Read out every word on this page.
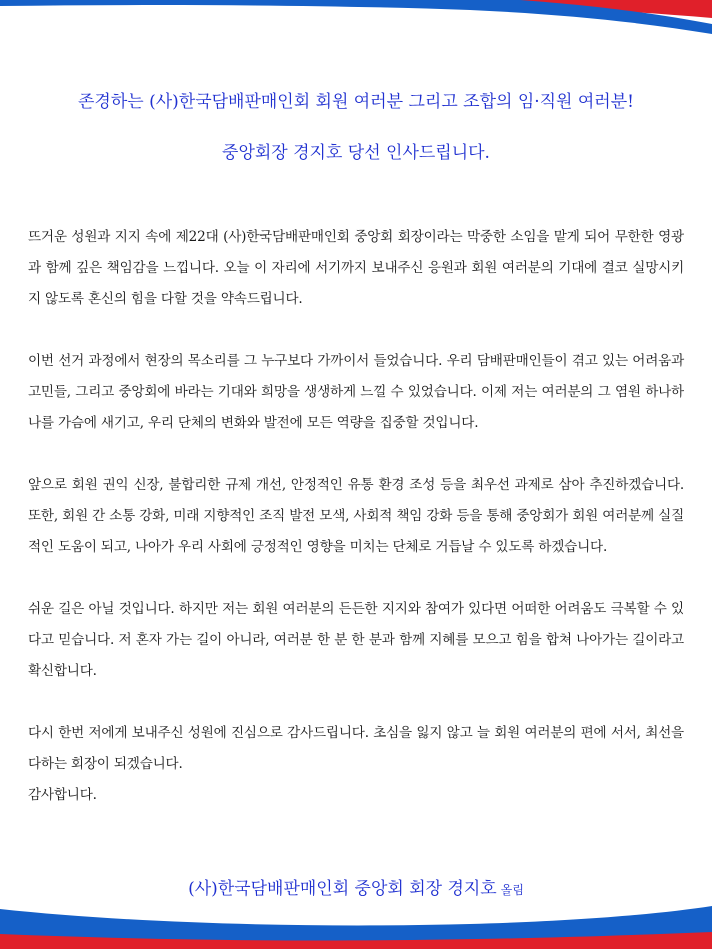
존경하는 (사)한국담배판매인회 회원 여러분 그리고 조합의 임·직원 여러분!
중앙회장 경지호 당선 인사드립니다.

뜨거운 성원과 지지 속에 제22대 (사)한국담배판매인회 중앙회 회장이라는 막중한 소임을 맡게 되어 무한한 영광과 함께 깊은 책임감을 느낍니다. 오늘 이 자리에 서기까지 보내주신 응원과 회원 여러분의 기대에 결코 실망시키지 않도록 혼신의 힘을 다할 것을 약속드립니다.

이번 선거 과정에서 현장의 목소리를 그 누구보다 가까이서 들었습니다. 우리 담배판매인들이 겪고 있는 어려움과 고민들, 그리고 중앙회에 바라는 기대와 희망을 생생하게 느낄 수 있었습니다. 이제 저는 여러분의 그 염원 하나하나를 가슴에 새기고, 우리 단체의 변화와 발전에 모든 역량을 집중할 것입니다.

앞으로 회원 권익 신장, 불합리한 규제 개선, 안정적인 유통 환경 조성 등을 최우선 과제로 삼아 추진하겠습니다. 또한, 회원 간 소통 강화, 미래 지향적인 조직 발전 모색, 사회적 책임 강화 등을 통해 중앙회가 회원 여러분께 실질적인 도움이 되고, 나아가 우리 사회에 긍정적인 영향을 미치는 단체로 거듭날 수 있도록 하겠습니다.

쉬운 길은 아닐 것입니다. 하지만 저는 회원 여러분의 든든한 지지와 참여가 있다면 어떠한 어려움도 극복할 수 있다고 믿습니다. 저 혼자 가는 길이 아니라, 여러분 한 분 한 분과 함께 지혜를 모으고 힘을 합쳐 나아가는 길이라고 확신합니다.

다시 한번 저에게 보내주신 성원에 진심으로 감사드립니다. 초심을 잃지 않고 늘 회원 여러분의 편에 서서, 최선을 다하는 회장이 되겠습니다.

감사합니다.

(사)한국담배판매인회 중앙회 회장 경지호 올림
